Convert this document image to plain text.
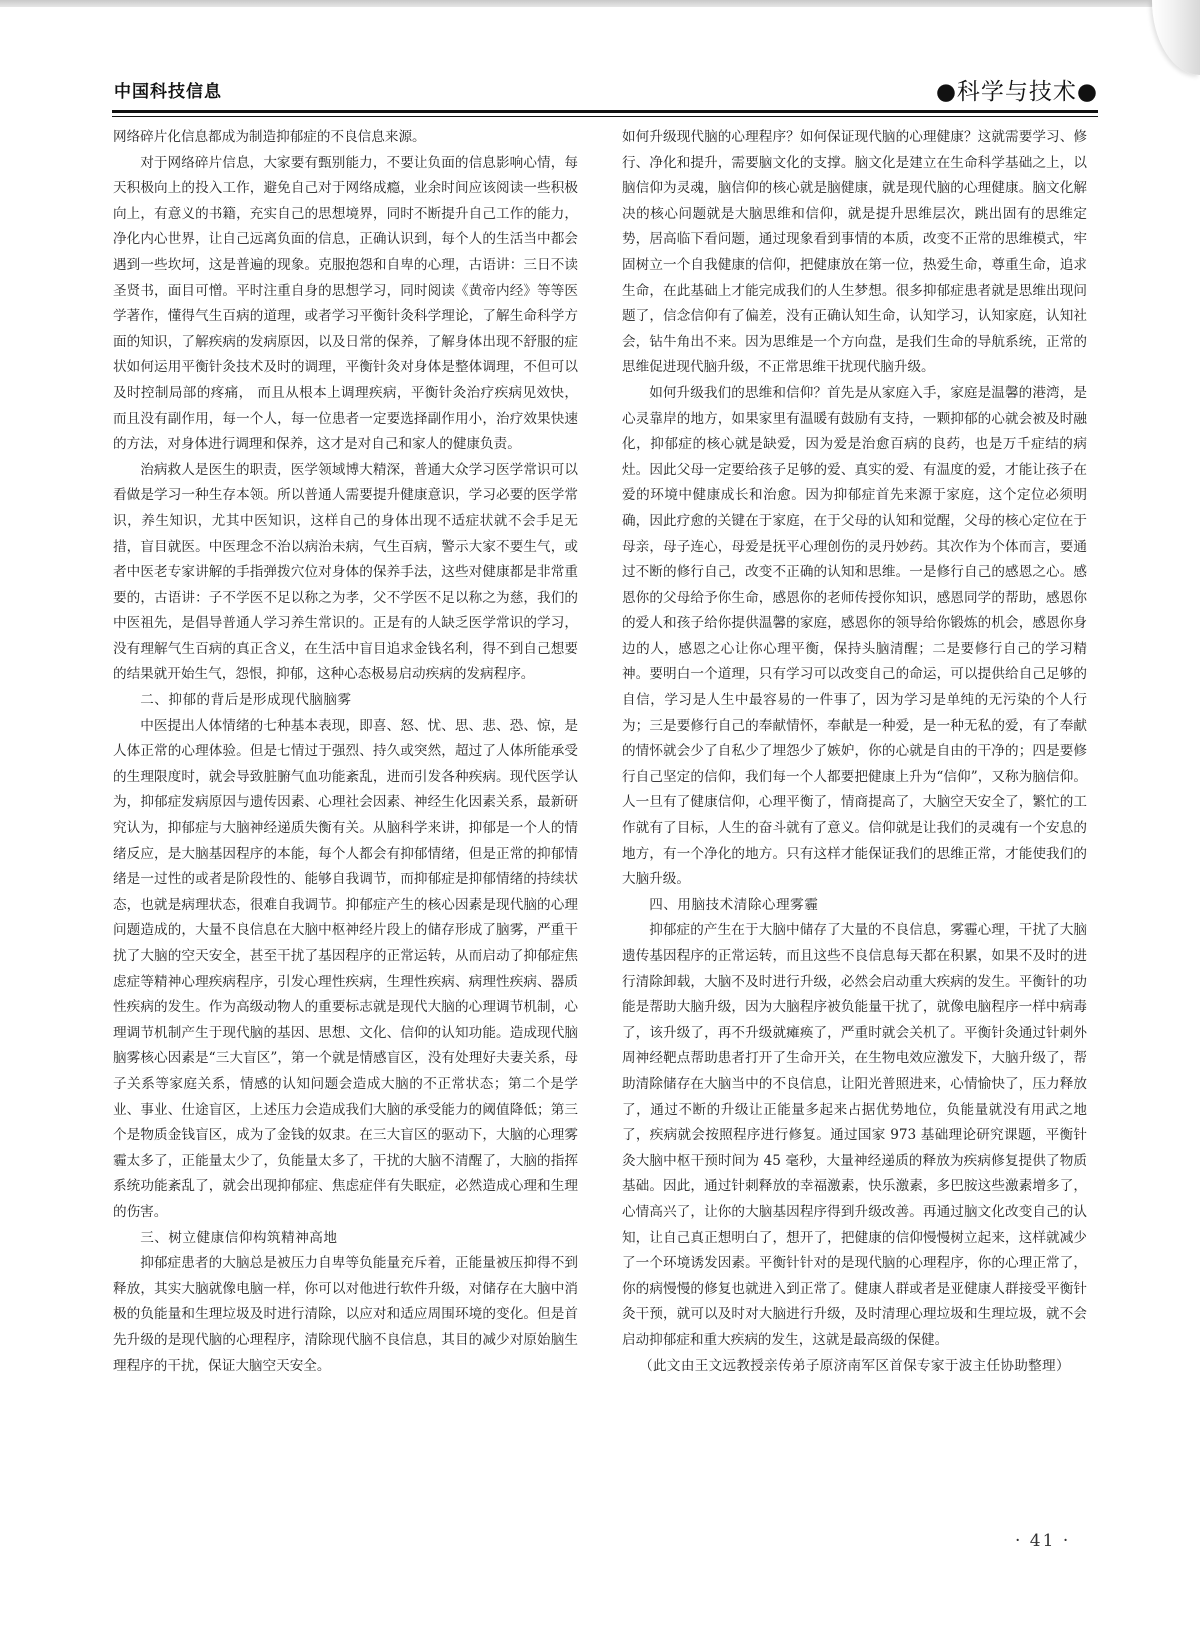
中国科技信息	●科学与技术●

网络碎片化信息都成为制造抑郁症的不良信息来源。

对于网络碎片信息，大家要有甄别能力，不要让负面的信息影响心情，每天积极向上的投入工作，避免自己对于网络成瘾，业余时间应该阅读一些积极向上，有意义的书籍，充实自己的思想境界，同时不断提升自己工作的能力，净化内心世界，让自己远离负面的信息，正确认识到，每个人的生活当中都会遇到一些坎坷，这是普遍的现象。克服抱怨和自卑的心理，古语讲：三日不读圣贤书，面目可憎。平时注重自身的思想学习，同时阅读《黄帝内经》等等医学著作，懂得气生百病的道理，或者学习平衡针灸科学理论，了解生命科学方面的知识，了解疾病的发病原因，以及日常的保养，了解身体出现不舒服的症状如何运用平衡针灸技术及时的调理，平衡针灸对身体是整体调理，不但可以及时控制局部的疼痛， 而且从根本上调理疾病，平衡针灸治疗疾病见效快，而且没有副作用，每一个人，每一位患者一定要选择副作用小，治疗效果快速的方法，对身体进行调理和保养，这才是对自己和家人的健康负责。

治病救人是医生的职责，医学领域博大精深，普通大众学习医学常识可以看做是学习一种生存本领。所以普通人需要提升健康意识，学习必要的医学常识，养生知识，尤其中医知识，这样自己的身体出现不适症状就不会手足无措，盲目就医。中医理念不治以病治未病，气生百病，警示大家不要生气，或者中医老专家讲解的手指弹拨穴位对身体的保养手法，这些对健康都是非常重要的，古语讲：子不学医不足以称之为孝，父不学医不足以称之为慈，我们的中医祖先，是倡导普通人学习养生常识的。正是有的人缺乏医学常识的学习，没有理解气生百病的真正含义，在生活中盲目追求金钱名利，得不到自己想要的结果就开始生气，怨恨，抑郁，这种心态极易启动疾病的发病程序。

二、抑郁的背后是形成现代脑脑雾

中医提出人体情绪的七种基本表现，即喜、怒、忧、思、悲、恐、惊，是人体正常的心理体验。但是七情过于强烈、持久或突然，超过了人体所能承受的生理限度时，就会导致脏腑气血功能紊乱，进而引发各种疾病。现代医学认为，抑郁症发病原因与遗传因素、心理社会因素、神经生化因素关系，最新研究认为，抑郁症与大脑神经递质失衡有关。从脑科学来讲，抑郁是一个人的情绪反应，是大脑基因程序的本能，每个人都会有抑郁情绪，但是正常的抑郁情绪是一过性的或者是阶段性的、能够自我调节，而抑郁症是抑郁情绪的持续状态，也就是病理状态，很难自我调节。抑郁症产生的核心因素是现代脑的心理问题造成的，大量不良信息在大脑中枢神经片段上的储存形成了脑雾，严重干扰了大脑的空天安全，甚至干扰了基因程序的正常运转，从而启动了抑郁症焦虑症等精神心理疾病程序，引发心理性疾病，生理性疾病、病理性疾病、器质性疾病的发生。作为高级动物人的重要标志就是现代大脑的心理调节机制，心理调节机制产生于现代脑的基因、思想、文化、信仰的认知功能。造成现代脑脑雾核心因素是“三大盲区”，第一个就是情感盲区，没有处理好夫妻关系，母子关系等家庭关系，情感的认知问题会造成大脑的不正常状态；第二个是学业、事业、仕途盲区，上述压力会造成我们大脑的承受能力的阈值降低；第三个是物质金钱盲区，成为了金钱的奴隶。在三大盲区的驱动下，大脑的心理雾霾太多了，正能量太少了，负能量太多了，干扰的大脑不清醒了，大脑的指挥系统功能紊乱了，就会出现抑郁症、焦虑症伴有失眠症，必然造成心理和生理的伤害。

三、树立健康信仰构筑精神高地

抑郁症患者的大脑总是被压力自卑等负能量充斥着，正能量被压抑得不到释放，其实大脑就像电脑一样，你可以对他进行软件升级，对储存在大脑中消极的负能量和生理垃圾及时进行清除，以应对和适应周围环境的变化。但是首先升级的是现代脑的心理程序，清除现代脑不良信息，其目的减少对原始脑生理程序的干扰，保证大脑空天安全。

如何升级现代脑的心理程序？如何保证现代脑的心理健康？这就需要学习、修行、净化和提升，需要脑文化的支撑。脑文化是建立在生命科学基础之上，以脑信仰为灵魂，脑信仰的核心就是脑健康，就是现代脑的心理健康。脑文化解决的核心问题就是大脑思维和信仰，就是提升思维层次，跳出固有的思维定势，居高临下看问题，通过现象看到事情的本质，改变不正常的思维模式，牢固树立一个自我健康的信仰，把健康放在第一位，热爱生命，尊重生命，追求生命，在此基础上才能完成我们的人生梦想。很多抑郁症患者就是思维出现问题了，信念信仰有了偏差，没有正确认知生命，认知学习，认知家庭，认知社会，钻牛角出不来。因为思维是一个方向盘，是我们生命的导航系统，正常的思维促进现代脑升级，不正常思维干扰现代脑升级。

如何升级我们的思维和信仰？首先是从家庭入手，家庭是温馨的港湾，是心灵靠岸的地方，如果家里有温暖有鼓励有支持，一颗抑郁的心就会被及时融化，抑郁症的核心就是缺爱，因为爱是治愈百病的良药，也是万千症结的病灶。因此父母一定要给孩子足够的爱、真实的爱、有温度的爱，才能让孩子在爱的环境中健康成长和治愈。因为抑郁症首先来源于家庭，这个定位必须明确，因此疗愈的关键在于家庭，在于父母的认知和觉醒，父母的核心定位在于母亲，母子连心，母爱是抚平心理创伤的灵丹妙药。其次作为个体而言，要通过不断的修行自己，改变不正确的认知和思维。一是修行自己的感恩之心。感恩你的父母给予你生命，感恩你的老师传授你知识，感恩同学的帮助，感恩你的爱人和孩子给你提供温馨的家庭，感恩你的领导给你锻炼的机会，感恩你身边的人，感恩之心让你心理平衡，保持头脑清醒；二是要修行自己的学习精神。要明白一个道理，只有学习可以改变自己的命运，可以提供给自己足够的自信，学习是人生中最容易的一件事了，因为学习是单纯的无污染的个人行为；三是要修行自己的奉献情怀，奉献是一种爱，是一种无私的爱，有了奉献的情怀就会少了自私少了埋怨少了嫉妒，你的心就是自由的干净的；四是要修行自己坚定的信仰，我们每一个人都要把健康上升为“信仰”，又称为脑信仰。人一旦有了健康信仰，心理平衡了，情商提高了，大脑空天安全了，繁忙的工作就有了目标，人生的奋斗就有了意义。信仰就是让我们的灵魂有一个安息的地方，有一个净化的地方。只有这样才能保证我们的思维正常，才能使我们的大脑升级。

四、用脑技术清除心理雾霾

抑郁症的产生在于大脑中储存了大量的不良信息，雾霾心理，干扰了大脑遗传基因程序的正常运转，而且这些不良信息每天都在积累，如果不及时的进行清除卸载，大脑不及时进行升级，必然会启动重大疾病的发生。平衡针的功能是帮助大脑升级，因为大脑程序被负能量干扰了，就像电脑程序一样中病毒了，该升级了，再不升级就瘫痪了，严重时就会关机了。平衡针灸通过针刺外周神经靶点帮助患者打开了生命开关，在生物电效应激发下，大脑升级了，帮助清除储存在大脑当中的不良信息，让阳光普照进来，心情愉快了，压力释放了，通过不断的升级让正能量多起来占据优势地位，负能量就没有用武之地了，疾病就会按照程序进行修复。通过国家 973 基础理论研究课题，平衡针灸大脑中枢干预时间为 45 毫秒，大量神经递质的释放为疾病修复提供了物质基础。因此，通过针刺释放的幸福激素，快乐激素，多巴胺这些激素增多了，心情高兴了，让你的大脑基因程序得到升级改善。再通过脑文化改变自己的认知，让自己真正想明白了，想开了，把健康的信仰慢慢树立起来，这样就减少了一个环境诱发因素。平衡针针对的是现代脑的心理程序，你的心理正常了，你的病慢慢的修复也就进入到正常了。健康人群或者是亚健康人群接受平衡针灸干预，就可以及时对大脑进行升级，及时清理心理垃圾和生理垃圾，就不会启动抑郁症和重大疾病的发生，这就是最高级的保健。

（此文由王文远教授亲传弟子原济南军区首保专家于波主任协助整理）

· 41 ·
